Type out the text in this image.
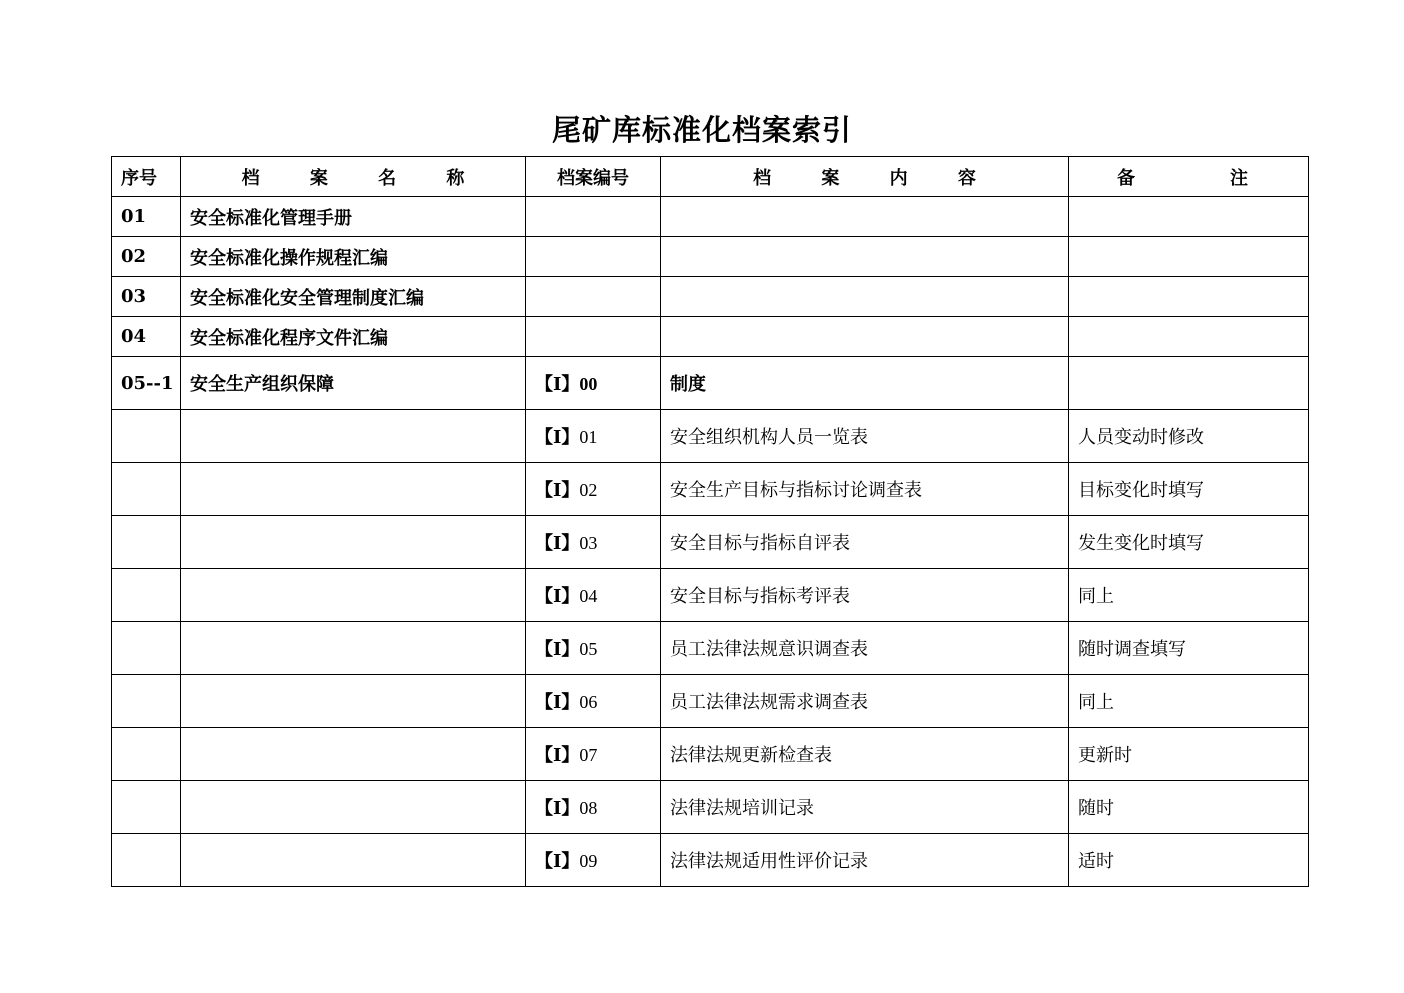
尾矿库标准化档案索引
序号	档 案 名 称	档案编号	档 案 内 容	备 注

01	安全标准化管理手册			
02	安全标准化操作规程汇编			
03	安全标准化安全管理制度汇编			
04	安全标准化程序文件汇编			
05--1	安全生产组织保障	【Ⅰ】00	制度	
		【Ⅰ】01	安全组织机构人员一览表	人员变动时修改
		【Ⅰ】02	安全生产目标与指标讨论调查表	目标变化时填写
		【Ⅰ】03	安全目标与指标自评表	发生变化时填写
		【Ⅰ】04	安全目标与指标考评表	同上
		【Ⅰ】05	员工法律法规意识调查表	随时调查填写
		【Ⅰ】06	员工法律法规需求调查表	同上
		【Ⅰ】07	法律法规更新检查表	更新时
		【Ⅰ】08	法律法规培训记录	随时
		【Ⅰ】09	法律法规适用性评价记录	适时
